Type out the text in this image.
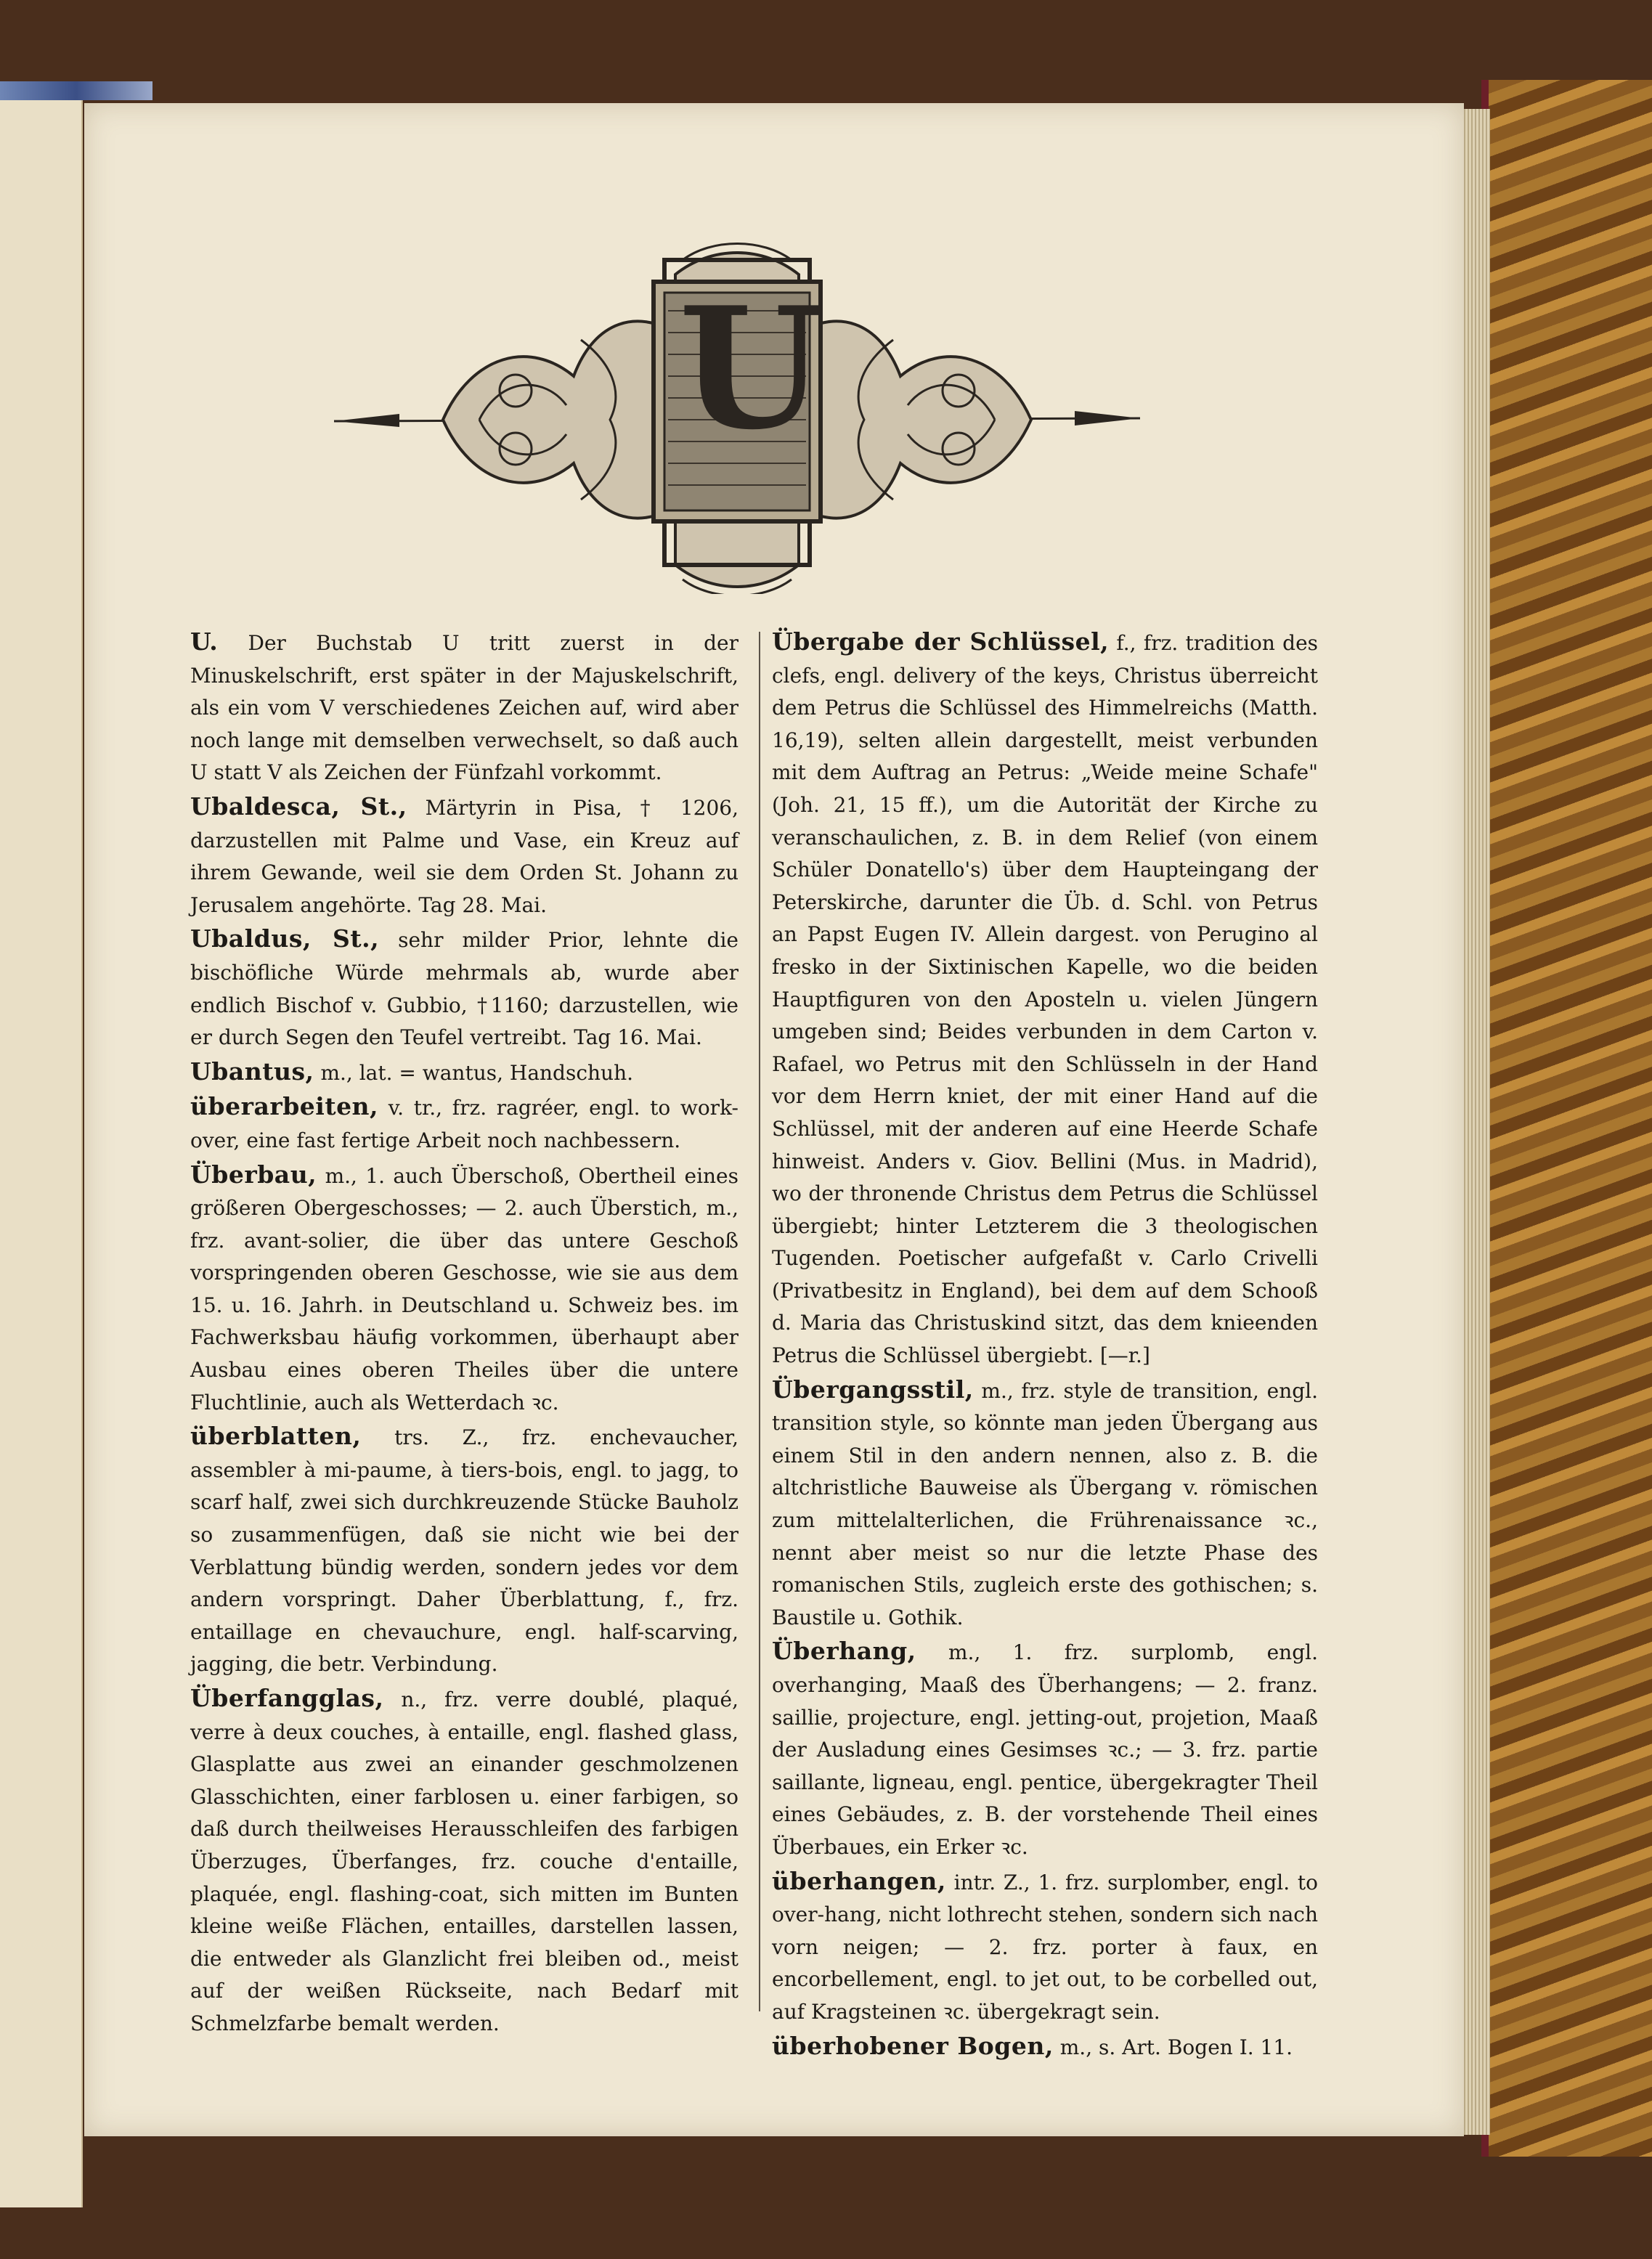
U

U. Der Buchstab U tritt zuerst in der Minuskelschrift, erst später in der Majuskelschrift, als ein vom V verschiedenes Zeichen auf, wird aber noch lange mit demselben verwechselt, so daß auch U statt V als Zeichen der Fünfzahl vorkommt.

Ubaldesca, St., Märtyrin in Pisa, † 1206, darzustellen mit Palme und Vase, ein Kreuz auf ihrem Gewande, weil sie dem Orden St. Johann zu Jerusalem angehörte. Tag 28. Mai.

Ubaldus, St., sehr milder Prior, lehnte die bischöfliche Würde mehrmals ab, wurde aber endlich Bischof v. Gubbio, †1160; darzustellen, wie er durch Segen den Teufel vertreibt. Tag 16. Mai.

Ubantus, m., lat. = wantus, Handschuh.

überarbeiten, v. tr., frz. ragréer, engl. to work-over, eine fast fertige Arbeit noch nachbessern.

Überbau, m., 1. auch Überschoß, Obertheil eines größeren Obergeschosses; — 2. auch Überstich, m., frz. avant-solier, die über das untere Geschoß vorspringenden oberen Geschosse, wie sie aus dem 15. u. 16. Jahrh. in Deutschland u. Schweiz bes. im Fachwerksbau häufig vorkommen, überhaupt aber Ausbau eines oberen Theiles über die untere Fluchtlinie, auch als Wetterdach ꝛc.

überblatten, trs. Z., frz. enchevaucher, assembler à mi-paume, à tiers-bois, engl. to jagg, to scarf half, zwei sich durchkreuzende Stücke Bauholz so zusammenfügen, daß sie nicht wie bei der Verblattung bündig werden, sondern jedes vor dem andern vorspringt. Daher Überblattung, f., frz. entaillage en chevauchure, engl. half-scarving, jagging, die betr. Verbindung.

Überfangglas, n., frz. verre doublé, plaqué, verre à deux couches, à entaille, engl. flashed glass, Glasplatte aus zwei an einander geschmolzenen Glasschichten, einer farblosen u. einer farbigen, so daß durch theilweises Herausschleifen des farbigen Überzuges, Überfanges, frz. couche d'entaille, plaquée, engl. flashing-coat, sich mitten im Bunten kleine weiße Flächen, entailles, darstellen lassen, die entweder als Glanzlicht frei bleiben od., meist auf der weißen Rückseite, nach Bedarf mit Schmelzfarbe bemalt werden.

Übergabe der Schlüssel, f., frz. tradition des clefs, engl. delivery of the keys, Christus überreicht dem Petrus die Schlüssel des Himmelreichs (Matth. 16,19), selten allein dargestellt, meist verbunden mit dem Auftrag an Petrus: „Weide meine Schafe" (Joh. 21, 15 ff.), um die Autorität der Kirche zu veranschaulichen, z. B. in dem Relief (von einem Schüler Donatello's) über dem Haupteingang der Peterskirche, darunter die Üb. d. Schl. von Petrus an Papst Eugen IV. Allein dargest. von Perugino al fresko in der Sixtinischen Kapelle, wo die beiden Hauptfiguren von den Aposteln u. vielen Jüngern umgeben sind; Beides verbunden in dem Carton v. Rafael, wo Petrus mit den Schlüsseln in der Hand vor dem Herrn kniet, der mit einer Hand auf die Schlüssel, mit der anderen auf eine Heerde Schafe hinweist. Anders v. Giov. Bellini (Mus. in Madrid), wo der thronende Christus dem Petrus die Schlüssel übergiebt; hinter Letzterem die 3 theologischen Tugenden. Poetischer aufgefaßt v. Carlo Crivelli (Privatbesitz in England), bei dem auf dem Schooß d. Maria das Christuskind sitzt, das dem knieenden Petrus die Schlüssel übergiebt. [—r.]

Übergangsstil, m., frz. style de transition, engl. transition style, so könnte man jeden Übergang aus einem Stil in den andern nennen, also z. B. die altchristliche Bauweise als Übergang v. römischen zum mittelalterlichen, die Frührenaissance ꝛc., nennt aber meist so nur die letzte Phase des romanischen Stils, zugleich erste des gothischen; s. Baustile u. Gothik.

Überhang, m., 1. frz. surplomb, engl. overhanging, Maaß des Überhangens; — 2. franz. saillie, projecture, engl. jetting-out, projetion, Maaß der Ausladung eines Gesimses ꝛc.; — 3. frz. partie saillante, ligneau, engl. pentice, übergekragter Theil eines Gebäudes, z. B. der vorstehende Theil eines Überbaues, ein Erker ꝛc.

überhangen, intr. Z., 1. frz. surplomber, engl. to over-hang, nicht lothrecht stehen, sondern sich nach vorn neigen; — 2. frz. porter à faux, en encorbellement, engl. to jet out, to be corbelled out, auf Kragsteinen ꝛc. übergekragt sein.

überhobener Bogen, m., s. Art. Bogen I. 11.
